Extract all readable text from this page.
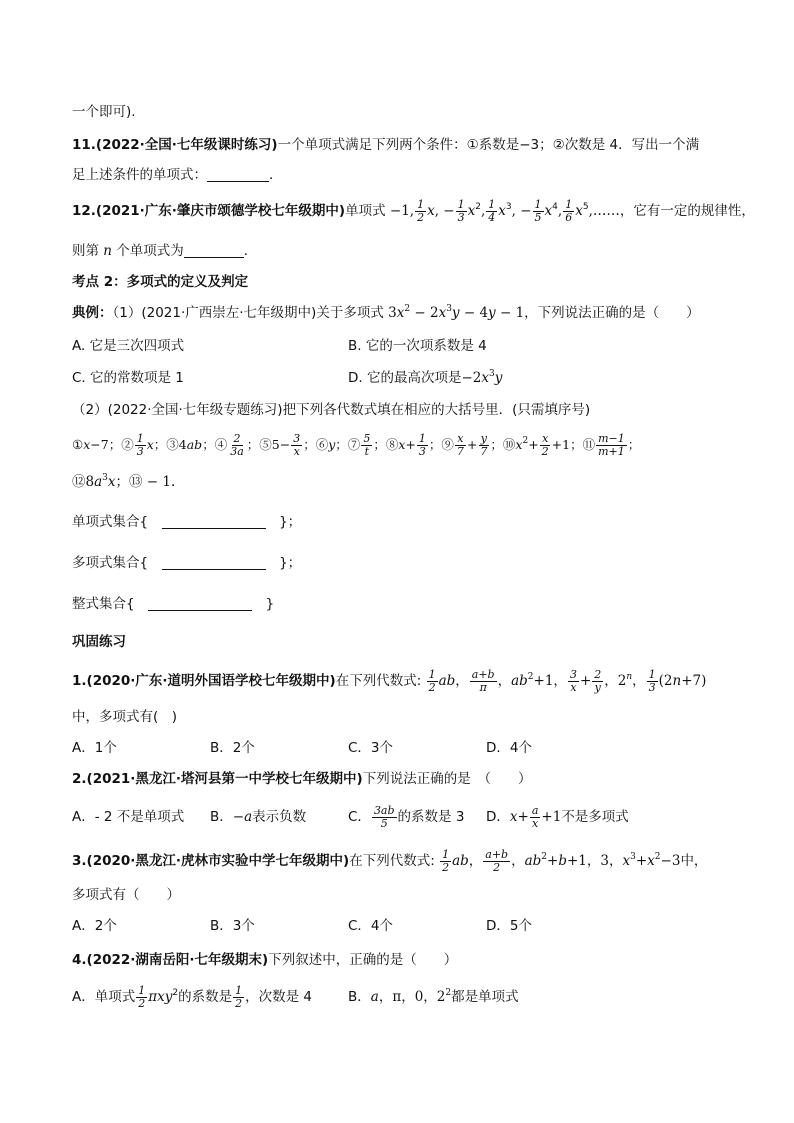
一个即可).
11.(2022·全国·七年级课时练习)一个单项式满足下列两个条件：①系数是−3；②次数是 4．写出一个满
足上述条件的单项式：	．
12.(2021·广东·肇庆市颂德学校七年级期中)单项式 −1, $\frac{1}{2} x$, − $\frac{1}{3} x^2$, $\frac{1}{4} x^3$, − $\frac{1}{5} x^4$, $\frac{1}{6}$ $x^5,\dots\dots$，它有一定的规律性，
则第 n 个单项式为	．
考点 2：多项式的定义及判定
典例：（1）(2021·广西崇左·七年级期中)关于多项式 $3x^2 - 2x^3y - 4y - 1$，下列说法正确的是（　　）
A. 它是三次四项式	B. 它的一次项系数是 4
C. 它的常数项是 1	D. 它的最高次项是$-2x^3y$
（2）(2022·全国·七年级专题练习)把下列各代数式填在相应的大括号里．(只需填序号)
①x−7；② $\frac{1}{3}$ x；③4ab；④ $\frac{2}{3a}$ ；⑤5− $\frac{3}{x}$ ；⑥y；⑦ $\frac{5}{t}$ ；⑧x+ $\frac{1}{3}$ ；⑨ $\frac{x}{7} + \frac{y}{7}$ ；$⑩x^2+ \frac{x}{2} +1$；⑪ $\frac{m-1}{m+1}$ ；
$⑫8a^3x$；⑬ − 1.
单项式集合{　　	}；
多项式集合{　　	}；
整式集合{　　	}
巩固练习
1.(2020·广东·道明外国语学校七年级期中)在下列代数式: $\frac{1}{2}$ ab， $\frac{a+b}{\pi}$ ，$ab^2+1$， $\frac{3}{x} + \frac{2}{y}$ ，2$^n$， $\frac{1}{3} (2n+7)$
中，多项式有(　)
A．1个	B．2个	C．3个	D．4个
2.(2021·黑龙江·塔河县第一中学校七年级期中)下列说法正确的是　（　　）
A．- 2 不是单项式 B．−a表示负数	C． $\frac{3ab}{5}$ 的系数是 3 D．$x+ \frac{a}{x} +1$不是多项式
3.(2020·黑龙江·虎林市实验中学七年级期中)在下列代数式: $\frac{1}{2}$ ab， $\frac{a+b}{2}$ ，$ab^2+b+1$，3，$x^3+x^2-3$中，
多项式有（　　）
A．2个	B．3个	C．4个	D．5个
4.(2022·湖南岳阳·七年级期末)下列叙述中，正确的是（　　）
A．单项式 $\frac{1}{2} \pi xy^2$的系数是 $\frac{1}{2}$ ，次数是 4	B．a，π，0，$2^2$都是单项式
